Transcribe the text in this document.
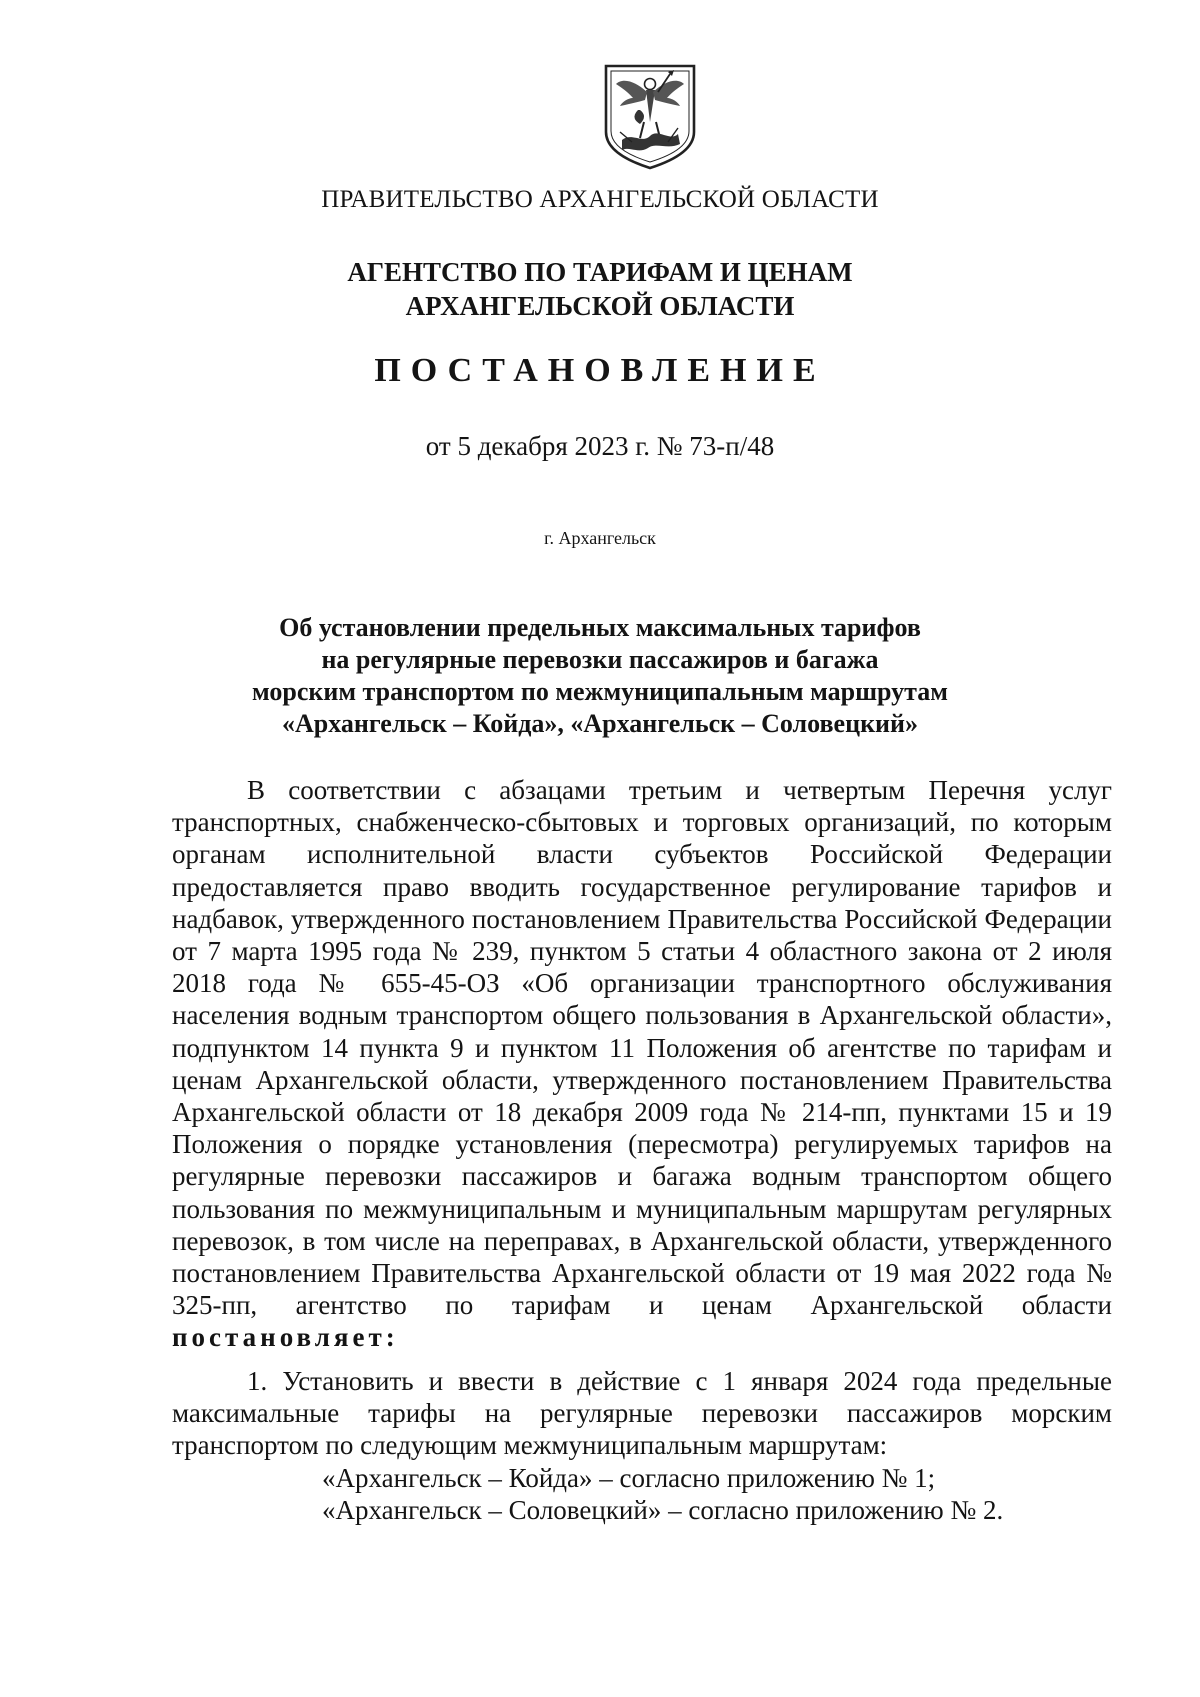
ПРАВИТЕЛЬСТВО АРХАНГЕЛЬСКОЙ ОБЛАСТИ
АГЕНТСТВО ПО ТАРИФАМ И ЦЕНАМ
АРХАНГЕЛЬСКОЙ ОБЛАСТИ
ПОСТАНОВЛЕНИЕ
от 5 декабря 2023 г. № 73-п/48
г. Архангельск
Об установлении предельных максимальных тарифов
на регулярные перевозки пассажиров и багажа
морским транспортом по межмуниципальным маршрутам
«Архангельск – Койда», «Архангельск – Соловецкий»
В соответствии с абзацами третьим и четвертым Перечня услуг транспортных, снабженческо-сбытовых и торговых организаций, по которым органам исполнительной власти субъектов Российской Федерации предоставляется право вводить государственное регулирование тарифов и надбавок, утвержденного постановлением Правительства Российской Федерации от 7 марта 1995 года № 239, пунктом 5 статьи 4 областного закона от 2 июля 2018 года № 655-45-ОЗ «Об организации транспортного обслуживания населения водным транспортом общего пользования в Архангельской области», подпунктом 14 пункта 9 и пунктом 11 Положения об агентстве по тарифам и ценам Архангельской области, утвержденного постановлением Правительства Архангельской области от 18 декабря 2009 года № 214-пп, пунктами 15 и 19 Положения о порядке установления (пересмотра) регулируемых тарифов на регулярные перевозки пассажиров и багажа водным транспортом общего пользования по межмуниципальным и муниципальным маршрутам регулярных перевозок, в том числе на переправах, в Архангельской области, утвержденного постановлением Правительства Архангельской области от 19 мая 2022 года № 325-пп, агентство по тарифам и ценам Архангельской области постановляет:
1. Установить и ввести в действие с 1 января 2024 года предельные максимальные тарифы на регулярные перевозки пассажиров морским транспортом по следующим межмуниципальным маршрутам:
«Архангельск – Койда» – согласно приложению № 1;
«Архангельск – Соловецкий» – согласно приложению № 2.
